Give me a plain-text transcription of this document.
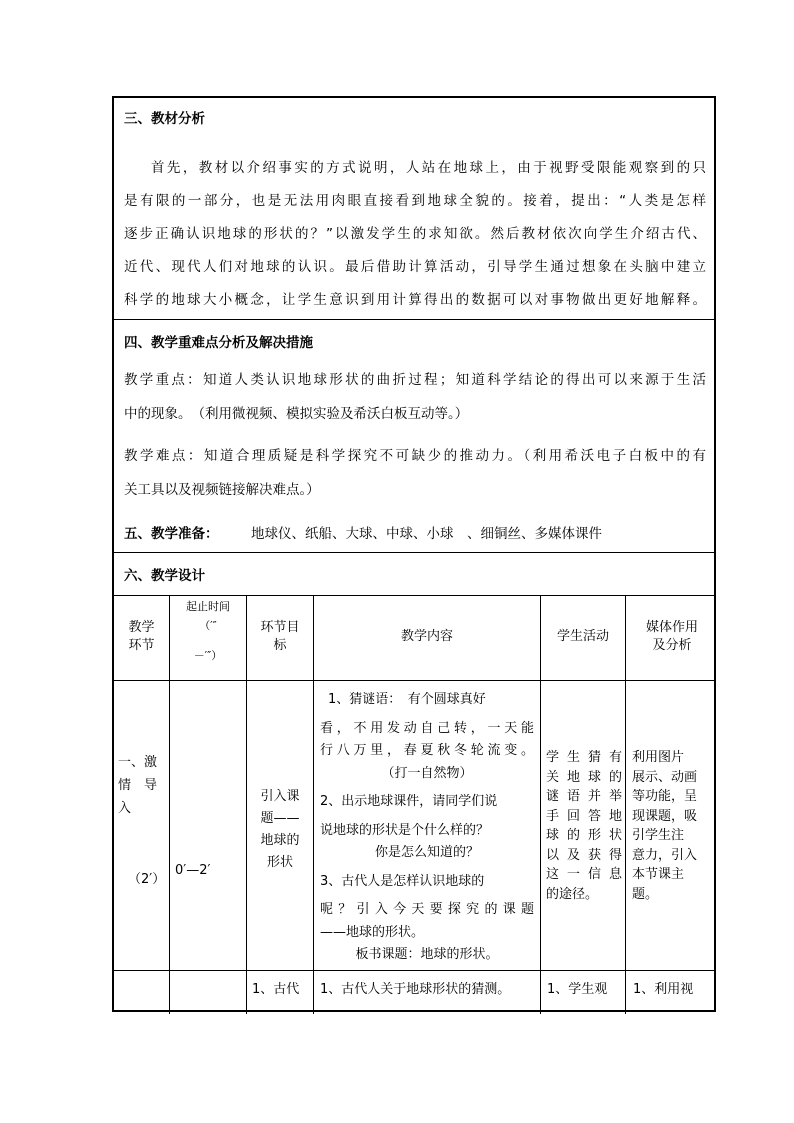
三、教材分析
首先，教材以介绍事实的方式说明，人站在地球上，由于视野受限能观察到的只
是有限的一部分，也是无法用肉眼直接看到地球全貌的。接着，提出：“人类是怎样
逐步正确认识地球的形状的？”以激发学生的求知欲。然后教材依次向学生介绍古代、
近代、现代人们对地球的认识。最后借助计算活动，引导学生通过想象在头脑中建立
科学的地球大小概念，让学生意识到用计算得出的数据可以对事物做出更好地解释。
四、教学重难点分析及解决措施
教学重点：知道人类认识地球形状的曲折过程；知道科学结论的得出可以来源于生活
中的现象。　（利用微视频、模拟实验及希沃白板互动等。）
教学难点：知道合理质疑是科学探究不可缺少的推动力。（利用希沃电子白板中的有
关工具以及视频链接解决难点。）
五、教学准备： 地球仪、纸船、大球、中球、小球　、细铜丝、多媒体课件
六、教学设计
教学
环节
起止时间
（′″
－′″）
环节目
标
教学内容	学生活动
媒体作用
及分析
一、激
情　导
入
（2′）
0′—2′
引入课
题——
地球的
形状
1、猜谜语：　有个圆球真好
看，不用发动自己转，一天能
行八万里，春夏秋冬轮流变。
（打一自然物）
2、出示地球课件，请同学们说
说地球的形状是个什么样的？
你是怎么知道的？
3、古代人是怎样认识地球的
呢？引入今天要探究的课题
——地球的形状。
板书课题：地球的形状。
学生猜有
关地球的
谜语并举
手回答地
球的形状
以及获得
这一信息
的途径。
利用图片
展示、动画
等功能，呈
现课题，吸
引学生注
意力，引入
本节课主
题。
1、古代 1、古代人关于地球形状的猜测。	1、学生观 1、利用视
